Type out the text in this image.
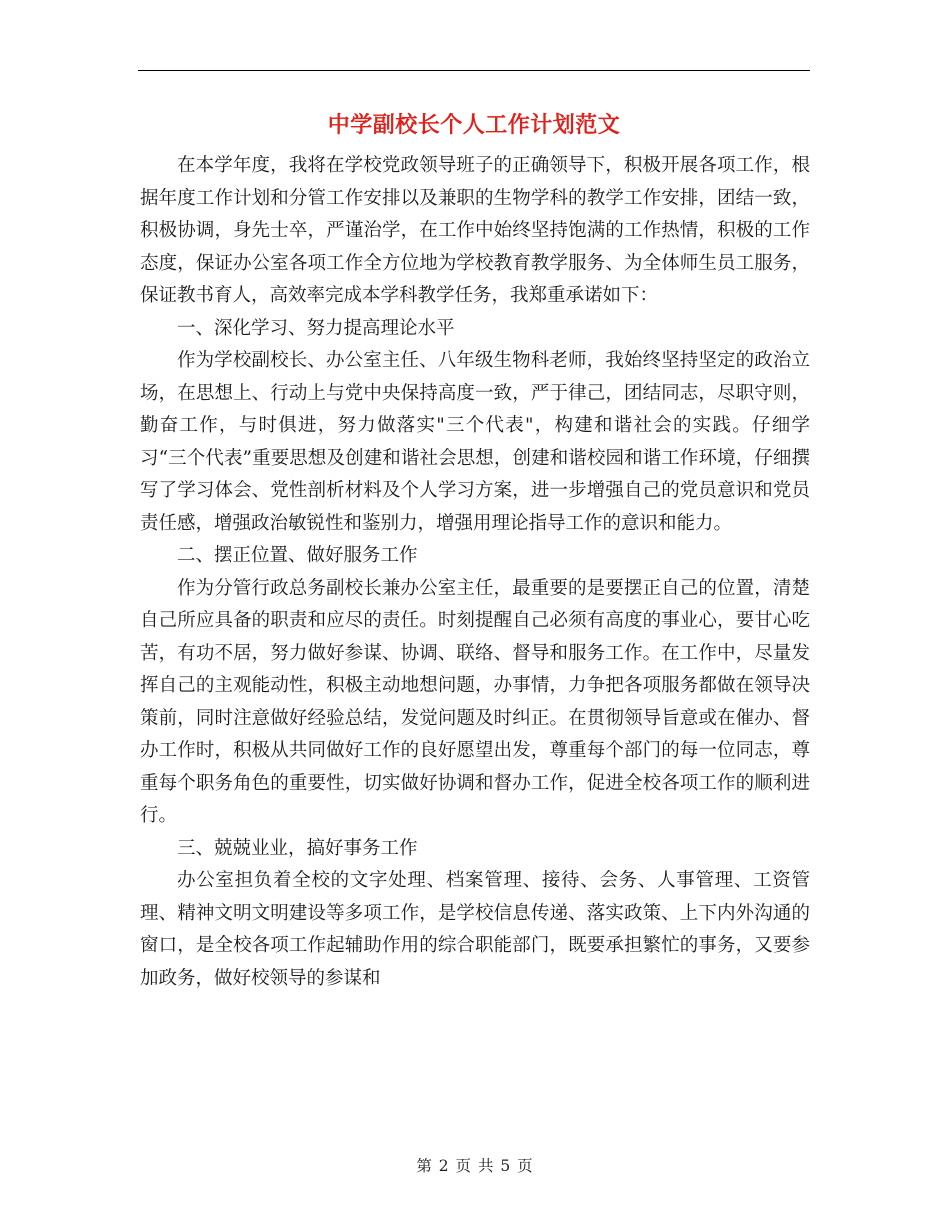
中学副校长个人工作计划范文

在本学年度，我将在学校党政领导班子的正确领导下，积极开展各项工作，根据年度工作计划和分管工作安排以及兼职的生物学科的教学工作安排，团结一致，积极协调，身先士卒，严谨治学，在工作中始终坚持饱满的工作热情，积极的工作态度，保证办公室各项工作全方位地为学校教育教学服务、为全体师生员工服务，保证教书育人，高效率完成本学科教学任务，我郑重承诺如下：

一、深化学习、努力提高理论水平

作为学校副校长、办公室主任、八年级生物科老师，我始终坚持坚定的政治立场，在思想上、行动上与党中央保持高度一致，严于律己，团结同志，尽职守则，勤奋工作，与时俱进，努力做落实"三个代表"，构建和谐社会的实践。仔细学习“三个代表”重要思想及创建和谐社会思想，创建和谐校园和谐工作环境，仔细撰写了学习体会、党性剖析材料及个人学习方案，进一步增强自己的党员意识和党员责任感，增强政治敏锐性和鉴别力，增强用理论指导工作的意识和能力。

二、摆正位置、做好服务工作

作为分管行政总务副校长兼办公室主任，最重要的是要摆正自己的位置，清楚自己所应具备的职责和应尽的责任。时刻提醒自己必须有高度的事业心，要甘心吃苦，有功不居，努力做好参谋、协调、联络、督导和服务工作。在工作中，尽量发挥自己的主观能动性，积极主动地想问题，办事情，力争把各项服务都做在领导决策前，同时注意做好经验总结，发觉问题及时纠正。在贯彻领导旨意或在催办、督办工作时，积极从共同做好工作的良好愿望出发，尊重每个部门的每一位同志，尊重每个职务角色的重要性，切实做好协调和督办工作，促进全校各项工作的顺利进行。

三、兢兢业业，搞好事务工作

办公室担负着全校的文字处理、档案管理、接待、会务、人事管理、工资管理、精神文明文明建设等多项工作，是学校信息传递、落实政策、上下内外沟通的窗口，是全校各项工作起辅助作用的综合职能部门，既要承担繁忙的事务，又要参加政务，做好校领导的参谋和

第 2 页 共 5 页
